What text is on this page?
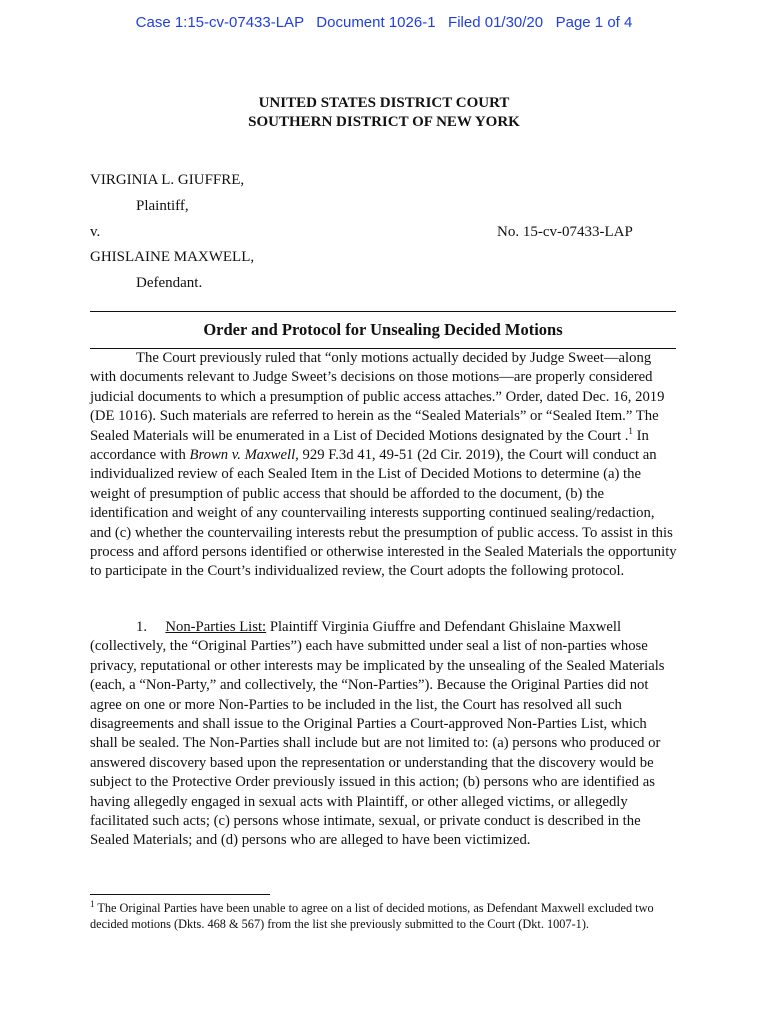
Case 1:15-cv-07433-LAP   Document 1026-1   Filed 01/30/20   Page 1 of 4
UNITED STATES DISTRICT COURT
SOUTHERN DISTRICT OF NEW YORK
VIRGINIA L. GIUFFRE,
Plaintiff,
v.	No. 15-cv-07433-LAP
GHISLAINE MAXWELL,
Defendant.
Order and Protocol for Unsealing Decided Motions

The Court previously ruled that “only motions actually decided by Judge Sweet—along with documents relevant to Judge Sweet’s decisions on those motions—are properly considered judicial documents to which a presumption of public access attaches.” Order, dated Dec. 16, 2019 (DE 1016). Such materials are referred to herein as the “Sealed Materials” or “Sealed Item.” The Sealed Materials will be enumerated in a List of Decided Motions designated by the Court .$^1$ In accordance with Brown v. Maxwell, 929 F.3d 41, 49-51 (2d Cir. 2019), the Court will conduct an individualized review of each Sealed Item in the List of Decided Motions to determine (a) the weight of presumption of public access that should be afforded to the document, (b) the identification and weight of any countervailing interests supporting continued sealing/redaction, and (c) whether the countervailing interests rebut the presumption of public access. To assist in this process and afford persons identified or otherwise interested in the Sealed Materials the opportunity to participate in the Court’s individualized review, the Court adopts the following protocol.

1. Non-Parties List: Plaintiff Virginia Giuffre and Defendant Ghislaine Maxwell (collectively, the “Original Parties”) each have submitted under seal a list of non-parties whose privacy, reputational or other interests may be implicated by the unsealing of the Sealed Materials (each, a “Non-Party,” and collectively, the “Non-Parties”). Because the Original Parties did not agree on one or more Non-Parties to be included in the list, the Court has resolved all such disagreements and shall issue to the Original Parties a Court-approved Non-Parties List, which shall be sealed. The Non-Parties shall include but are not limited to: (a) persons who produced or answered discovery based upon the representation or understanding that the discovery would be subject to the Protective Order previously issued in this action; (b) persons who are identified as having allegedly engaged in sexual acts with Plaintiff, or other alleged victims, or allegedly facilitated such acts; (c) persons whose intimate, sexual, or private conduct is described in the Sealed Materials; and (d) persons who are alleged to have been victimized.

$^1$ The Original Parties have been unable to agree on a list of decided motions, as Defendant Maxwell excluded two decided motions (Dkts. 468 & 567) from the list she previously submitted to the Court (Dkt. 1007-1).
